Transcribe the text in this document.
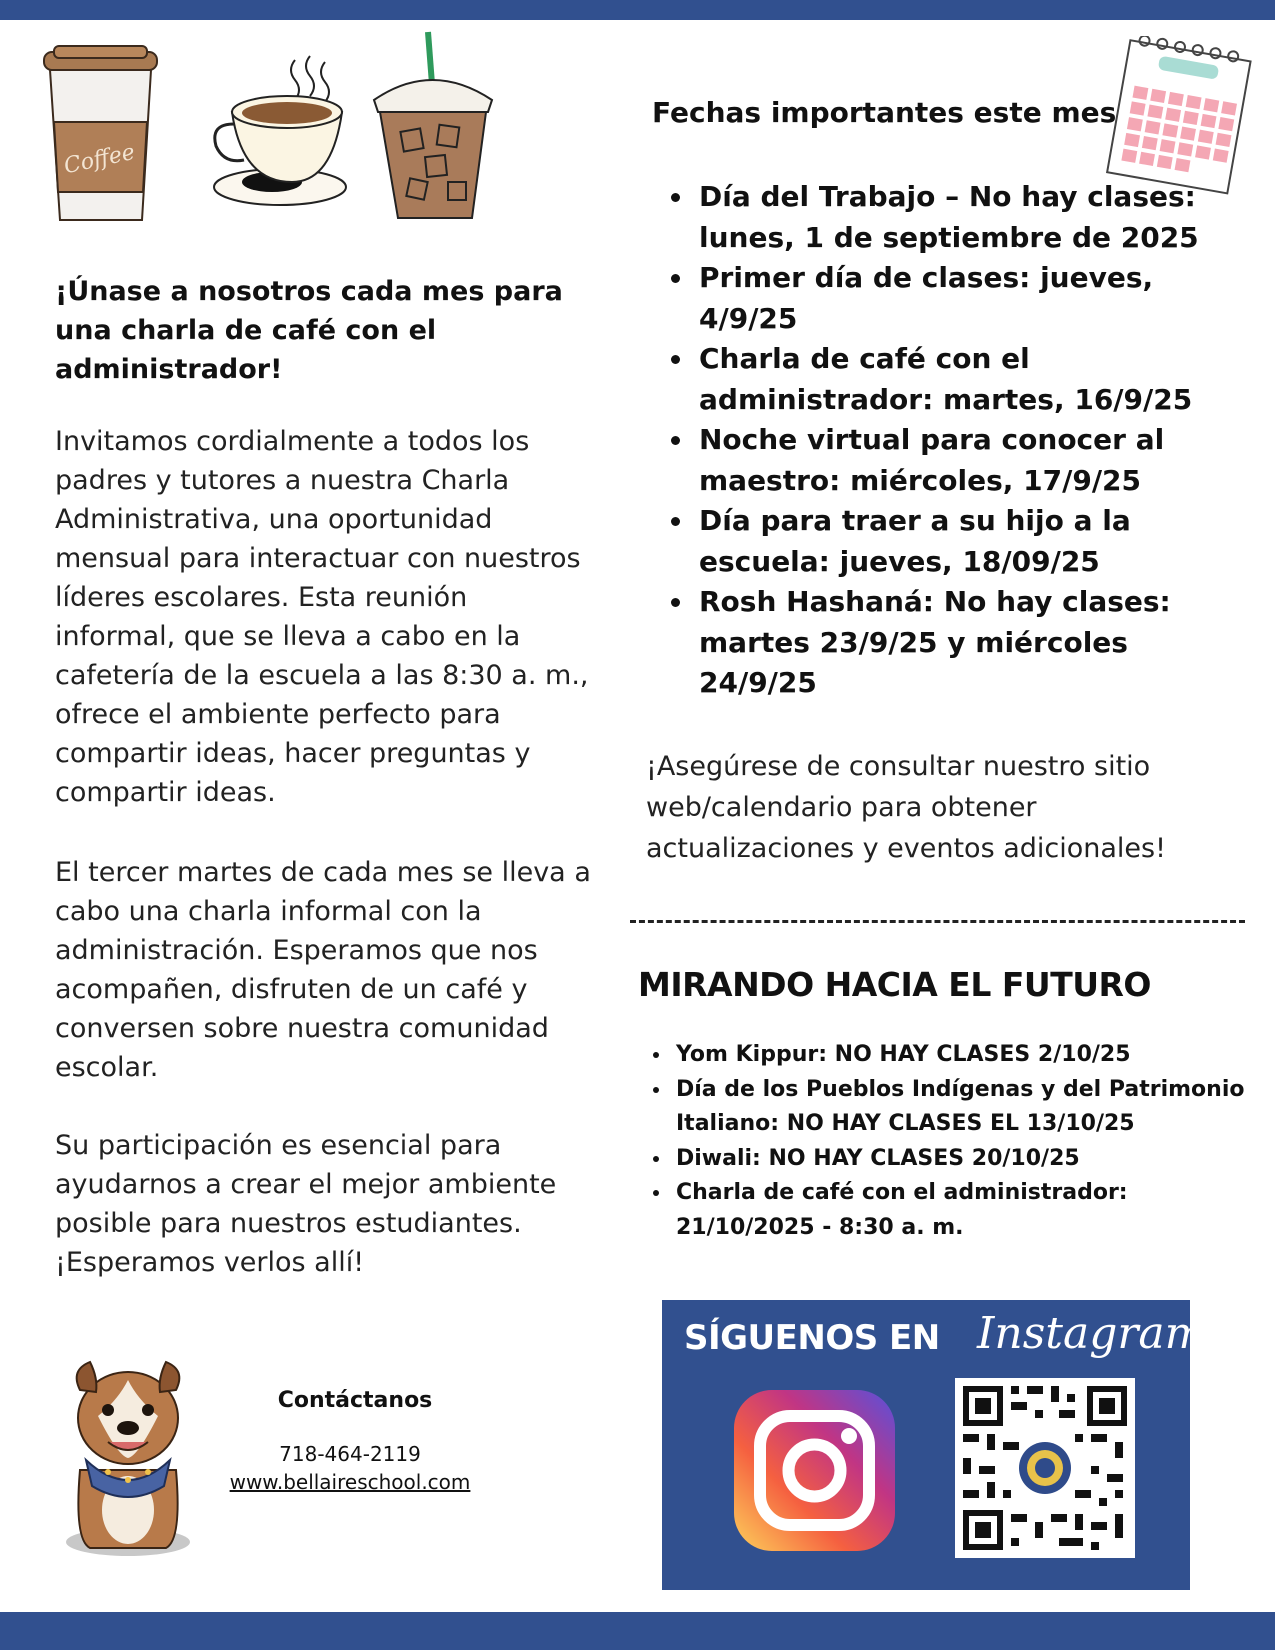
Coffee
¡Únase a nosotros cada mes para una charla de café con el administrador!

Invitamos cordialmente a todos los padres y tutores a nuestra Charla Administrativa, una oportunidad mensual para interactuar con nuestros líderes escolares. Esta reunión informal, que se lleva a cabo en la cafetería de la escuela a las 8:30 a. m., ofrece el ambiente perfecto para compartir ideas, hacer preguntas y compartir ideas.

El tercer martes de cada mes se lleva a cabo una charla informal con la administración. Esperamos que nos acompañen, disfruten de un café y conversen sobre nuestra comunidad escolar.

Su participación es esencial para ayudarnos a crear el mejor ambiente posible para nuestros estudiantes. ¡Esperamos verlos allí!

Contáctanos
718-464-2119
www.bellaireschool.com
Fechas importantes este mes
• Día del Trabajo – No hay clases: lunes, 1 de septiembre de 2025
• Primer día de clases: jueves, 4/9/25
• Charla de café con el administrador: martes, 16/9/25
• Noche virtual para conocer al maestro: miércoles, 17/9/25
• Día para traer a su hijo a la escuela: jueves, 18/09/25
• Rosh Hashaná: No hay clases: martes 23/9/25 y miércoles 24/9/25

¡Asegúrese de consultar nuestro sitio web/calendario para obtener actualizaciones y eventos adicionales!

MIRANDO HACIA EL FUTURO
• Yom Kippur: NO HAY CLASES 2/10/25
• Día de los Pueblos Indígenas y del Patrimonio Italiano: NO HAY CLASES EL 13/10/25
• Diwali: NO HAY CLASES 20/10/25
• Charla de café con el administrador: 21/10/2025 - 8:30 a. m.
SÍGUENOS EN Instagram
